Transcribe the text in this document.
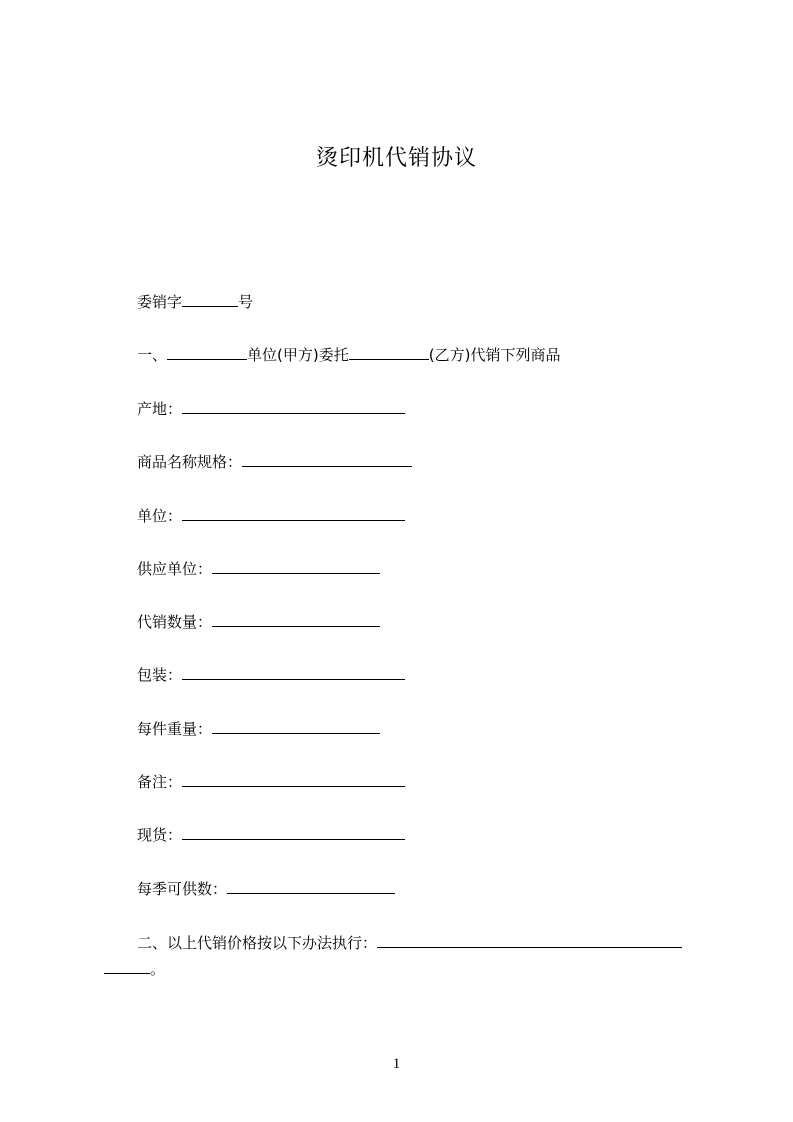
烫印机代销协议
委销字	号
一、	单位(甲方)委托	(乙方)代销下列商品
产地：
商品名称规格：
单位：
供应单位：
代销数量：
包装：
每件重量：
备注：
现货：
每季可供数：
二、以上代销价格按以下办法执行：
。
1
